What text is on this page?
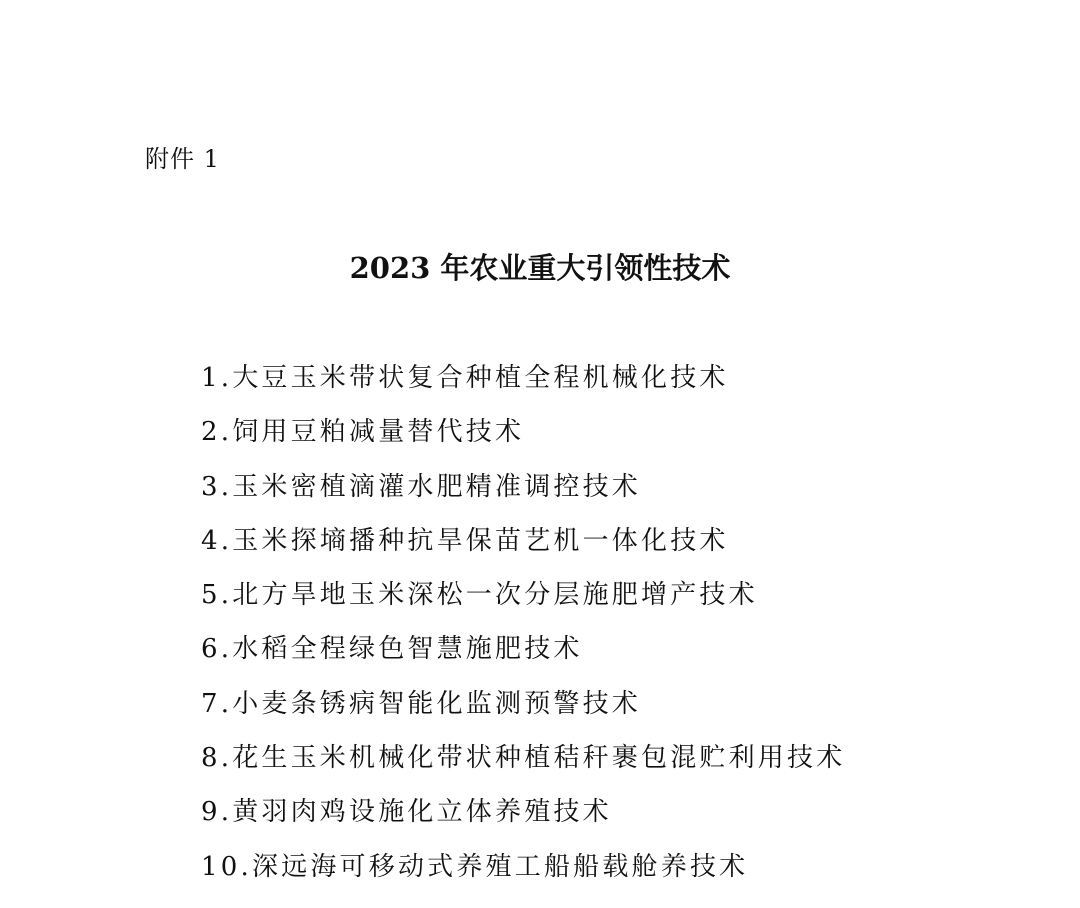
附件 1
2023 年农业重大引领性技术
1.大豆玉米带状复合种植全程机械化技术
2.饲用豆粕减量替代技术
3.玉米密植滴灌水肥精准调控技术
4.玉米探墒播种抗旱保苗艺机一体化技术
5.北方旱地玉米深松一次分层施肥增产技术
6.水稻全程绿色智慧施肥技术
7.小麦条锈病智能化监测预警技术
8.花生玉米机械化带状种植秸秆裹包混贮利用技术
9.黄羽肉鸡设施化立体养殖技术
10.深远海可移动式养殖工船船载舱养技术
